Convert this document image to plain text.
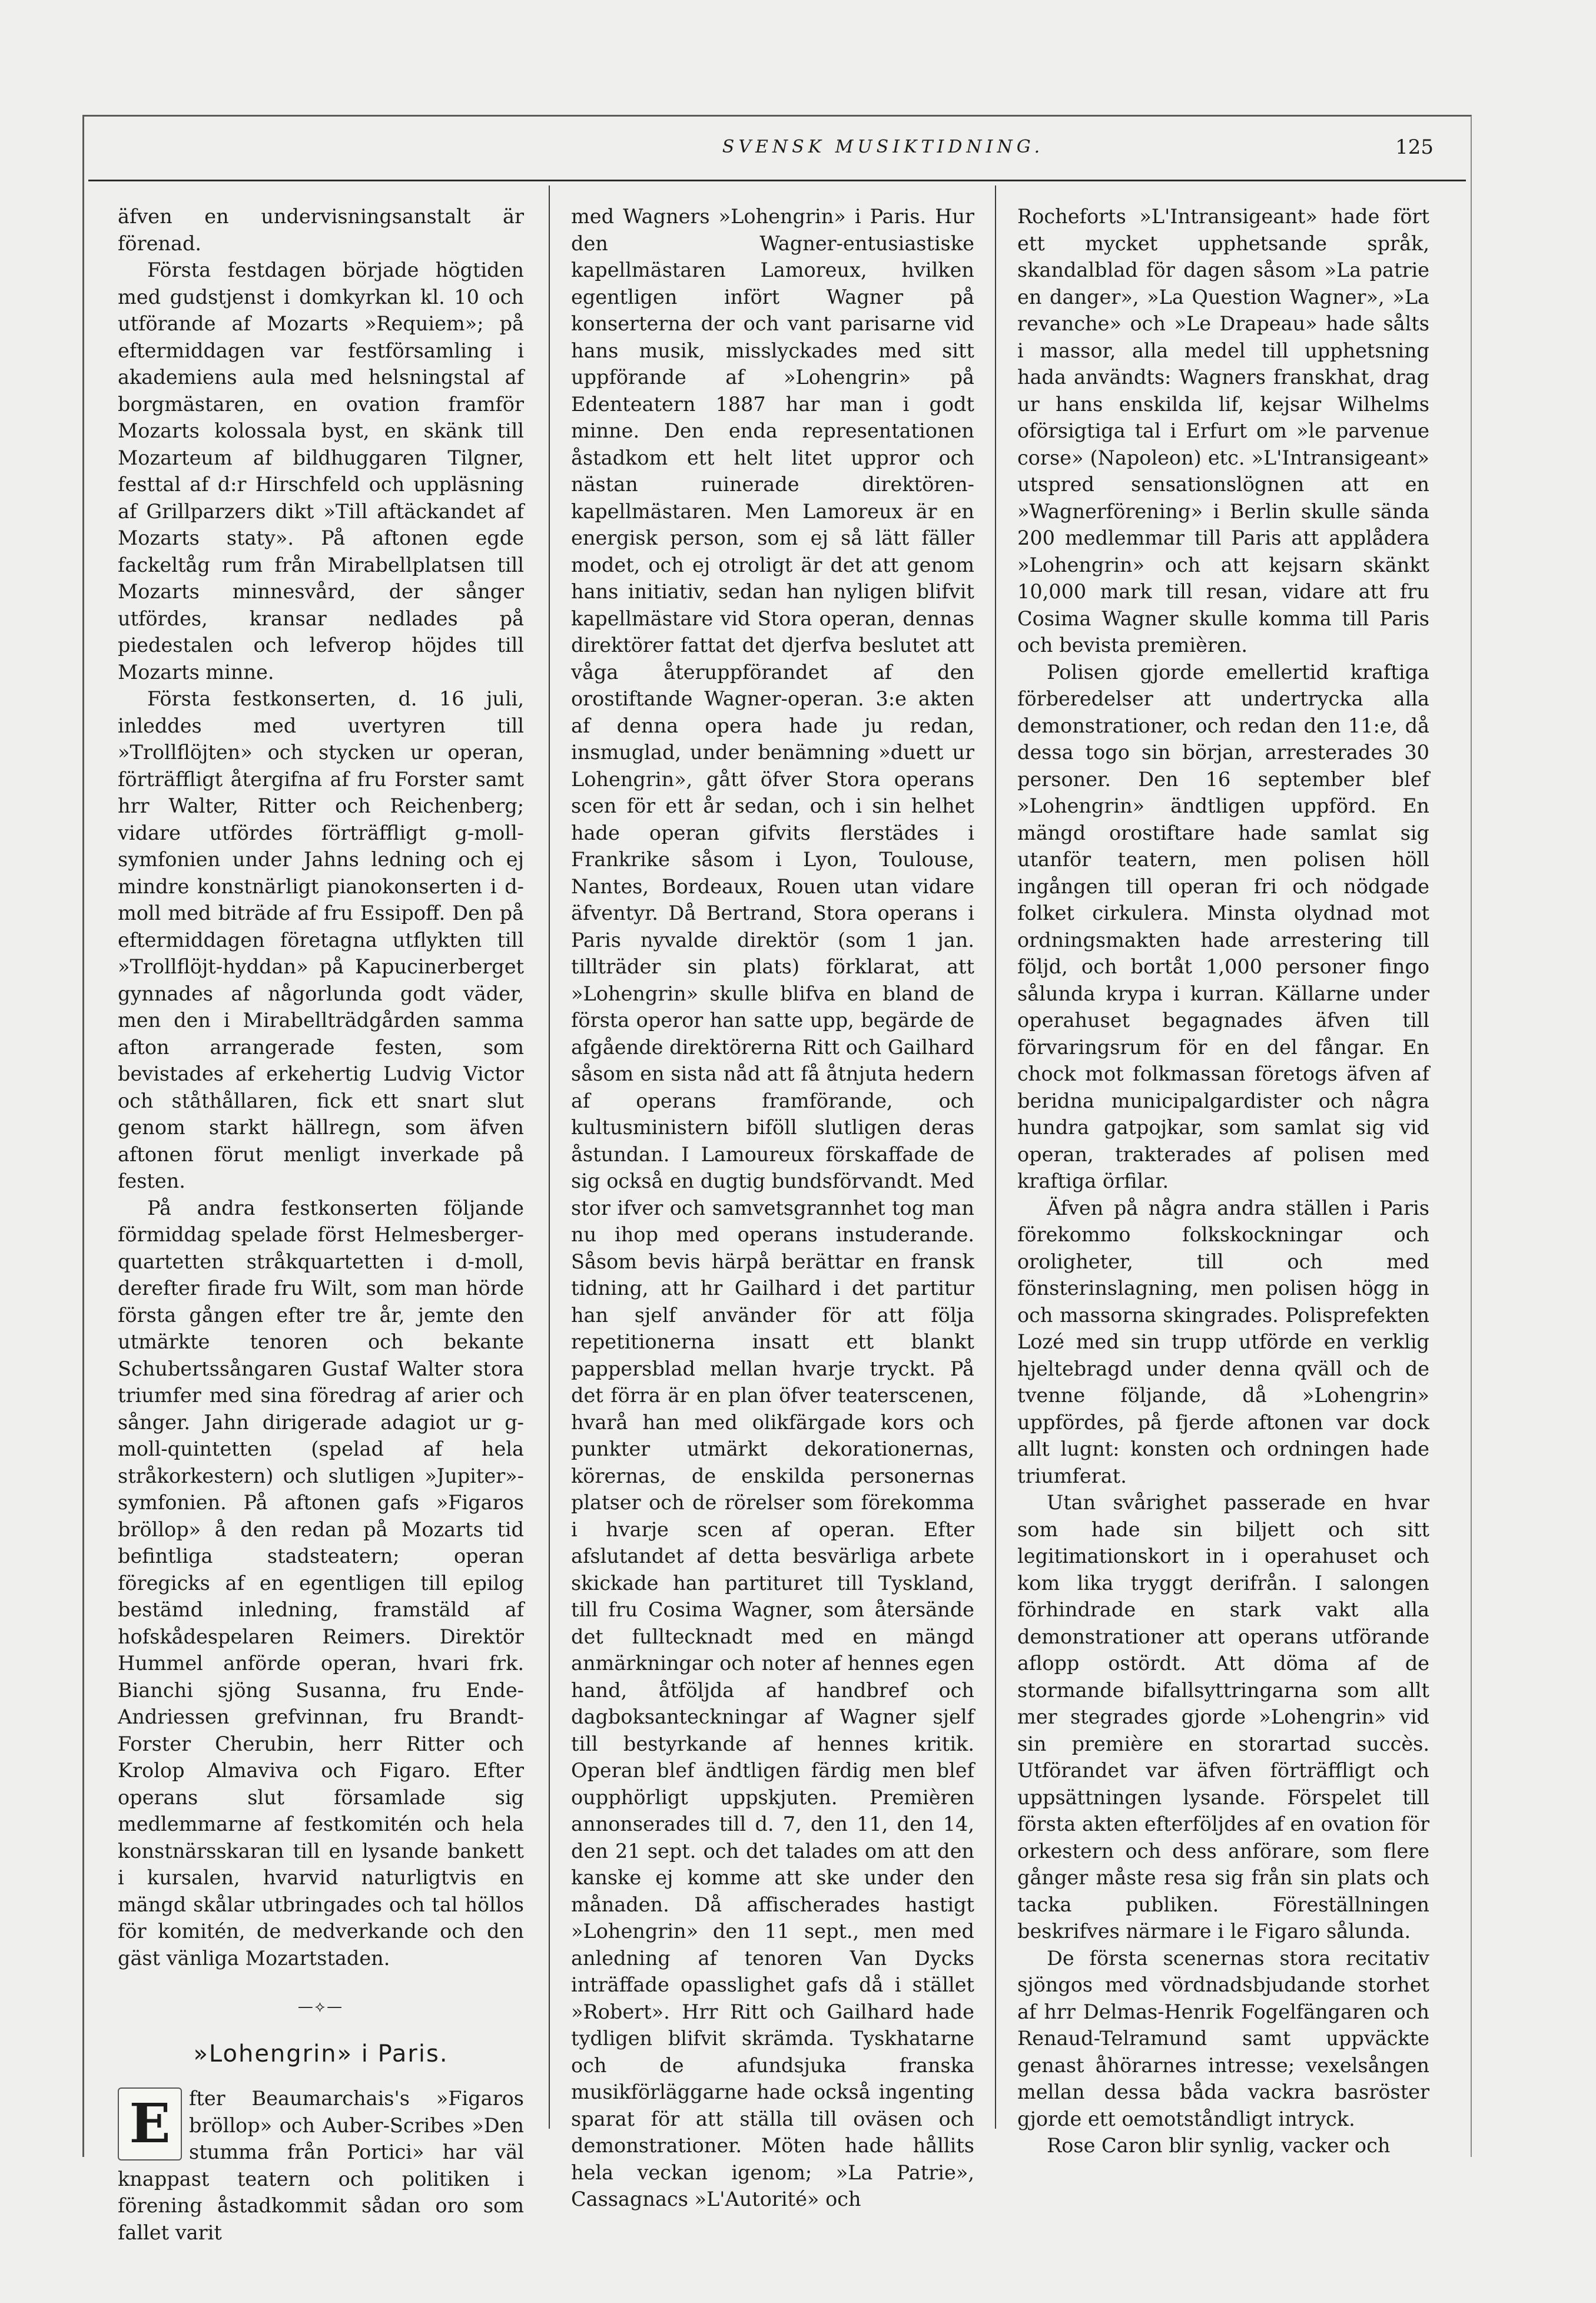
SVENSK MUSIKTIDNING.	125

äfven en undervisningsanstalt är förenad.

Första festdagen började högtiden med gudstjenst i domkyrkan kl. 10 och utförande af Mozarts »Requiem»; på eftermiddagen var festförsamling i akademiens aula med helsningstal af borgmästaren, en ovation framför Mozarts kolossala byst, en skänk till Mozarteum af bildhuggaren Tilgner, festtal af d:r Hirschfeld och uppläsning af Grillparzers dikt »Till aftäckandet af Mozarts staty». På aftonen egde fackeltåg rum från Mirabellplatsen till Mozarts minnesvård, der sånger utfördes, kransar nedlades på piedestalen och lefverop höjdes till Mozarts minne.

Första festkonserten, d. 16 juli, inleddes med uvertyren till »Trollflöjten» och stycken ur operan, förträffligt återgifna af fru Forster samt hrr Walter, Ritter och Reichenberg; vidare utfördes förträffligt g-moll-symfonien under Jahns ledning och ej mindre konstnärligt pianokonserten i d-moll med biträde af fru Essipoff. Den på eftermiddagen företagna utflykten till »Trollflöjt-hyddan» på Kapucinerberget gynnades af någorlunda godt väder, men den i Mirabellträdgården samma afton arrangerade festen, som bevistades af erkehertig Ludvig Victor och ståthållaren, fick ett snart slut genom starkt hällregn, som äfven aftonen förut menligt inverkade på festen.

På andra festkonserten följande förmiddag spelade först Helmesberger-quartetten stråkquartetten i d-moll, derefter firade fru Wilt, som man hörde första gången efter tre år, jemte den utmärkte tenoren och bekante Schubertssångaren Gustaf Walter stora triumfer med sina föredrag af arier och sånger. Jahn dirigerade adagiot ur g-moll-quintetten (spelad af hela stråkorkestern) och slutligen »Jupiter»-symfonien. På aftonen gafs »Figaros bröllop» å den redan på Mozarts tid befintliga stadsteatern; operan föregicks af en egentligen till epilog bestämd inledning, framstäld af hofskådespelaren Reimers. Direktör Hummel anförde operan, hvari frk. Bianchi sjöng Susanna, fru Ende-Andriessen grefvinnan, fru Brandt-Forster Cherubin, herr Ritter och Krolop Almaviva och Figaro. Efter operans slut församlade sig medlemmarne af festkomitén och hela konstnärsskaran till en lysande bankett i kursalen, hvarvid naturligtvis en mängd skålar utbringades och tal höllos för komitén, de medverkande och den gäst vänliga Mozartstaden.

—⟡—
»Lohengrin» i Paris.

E fter Beaumarchais's »Figaros bröllop» och Auber-Scribes »Den stumma från Portici» har väl knappast teatern och politiken i förening åstadkommit sådan oro som fallet varit

med Wagners »Lohengrin» i Paris. Hur den Wagner-entusiastiske kapellmästaren Lamoreux, hvilken egentligen infört Wagner på konserterna der och vant parisarne vid hans musik, misslyckades med sitt uppförande af »Lohengrin» på Edenteatern 1887 har man i godt minne. Den enda representationen åstadkom ett helt litet uppror och nästan ruinerade direktören-kapellmästaren. Men Lamoreux är en energisk person, som ej så lätt fäller modet, och ej otroligt är det att genom hans initiativ, sedan han nyligen blifvit kapellmästare vid Stora operan, dennas direktörer fattat det djerfva beslutet att våga återuppförandet af den orostiftande Wagner-operan. 3:e akten af denna opera hade ju redan, insmuglad, under benämning »duett ur Lohengrin», gått öfver Stora operans scen för ett år sedan, och i sin helhet hade operan gifvits flerstädes i Frankrike såsom i Lyon, Toulouse, Nantes, Bordeaux, Rouen utan vidare äfventyr. Då Bertrand, Stora operans i Paris nyvalde direktör (som 1 jan. tillträder sin plats) förklarat, att »Lohengrin» skulle blifva en bland de första operor han satte upp, begärde de afgående direktörerna Ritt och Gailhard såsom en sista nåd att få åtnjuta hedern af operans framförande, och kultusministern biföll slutligen deras åstundan. I Lamoureux förskaffade de sig också en dugtig bundsförvandt. Med stor ifver och samvetsgrannhet tog man nu ihop med operans instuderande. Såsom bevis härpå berättar en fransk tidning, att hr Gailhard i det partitur han sjelf använder för att följa repetitionerna insatt ett blankt pappersblad mellan hvarje tryckt. På det förra är en plan öfver teaterscenen, hvarå han med olikfärgade kors och punkter utmärkt dekorationernas, körernas, de enskilda personernas platser och de rörelser som förekomma i hvarje scen af operan. Efter afslutandet af detta besvärliga arbete skickade han partituret till Tyskland, till fru Cosima Wagner, som återsände det fulltecknadt med en mängd anmärkningar och noter af hennes egen hand, åtföljda af handbref och dagboksanteckningar af Wagner sjelf till bestyrkande af hennes kritik. Operan blef ändtligen färdig men blef oupphörligt uppskjuten. Premièren annonserades till d. 7, den 11, den 14, den 21 sept. och det talades om att den kanske ej komme att ske under den månaden. Då affischerades hastigt »Lohengrin» den 11 sept., men med anledning af tenoren Van Dycks inträffade opasslighet gafs då i stället »Robert». Hrr Ritt och Gailhard hade tydligen blifvit skrämda. Tyskhatarne och de afundsjuka franska musikförläggarne hade också ingenting sparat för att ställa till oväsen och demonstrationer. Möten hade hållits hela veckan igenom; »La Patrie», Cassagnacs »L'Autorité» och

Rocheforts »L'Intransigeant» hade fört ett mycket upphetsande språk, skandalblad för dagen såsom »La patrie en danger», »La Question Wagner», »La revanche» och »Le Drapeau» hade sålts i massor, alla medel till upphetsning hada användts: Wagners franskhat, drag ur hans enskilda lif, kejsar Wilhelms oförsigtiga tal i Erfurt om »le parvenue corse» (Napoleon) etc. »L'Intransigeant» utspred sensationslögnen att en »Wagnerförening» i Berlin skulle sända 200 medlemmar till Paris att applådera »Lohengrin» och att kejsarn skänkt 10,000 mark till resan, vidare att fru Cosima Wagner skulle komma till Paris och bevista premièren.

Polisen gjorde emellertid kraftiga förberedelser att undertrycka alla demonstrationer, och redan den 11:e, då dessa togo sin början, arresterades 30 personer. Den 16 september blef »Lohengrin» ändtligen uppförd. En mängd orostiftare hade samlat sig utanför teatern, men polisen höll ingången till operan fri och nödgade folket cirkulera. Minsta olydnad mot ordningsmakten hade arrestering till följd, och bortåt 1,000 personer fingo sålunda krypa i kurran. Källarne under operahuset begagnades äfven till förvaringsrum för en del fångar. En chock mot folkmassan företogs äfven af beridna municipalgardister och några hundra gatpojkar, som samlat sig vid operan, trakterades af polisen med kraftiga örfilar.

Äfven på några andra ställen i Paris förekommo folkskockningar och oroligheter, till och med fönsterinslagning, men polisen högg in och massorna skingrades. Polisprefekten Lozé med sin trupp utförde en verklig hjeltebragd under denna qväll och de tvenne följande, då »Lohengrin» uppfördes, på fjerde aftonen var dock allt lugnt: konsten och ordningen hade triumferat.

Utan svårighet passerade en hvar som hade sin biljett och sitt legitimationskort in i operahuset och kom lika tryggt derifrån. I salongen förhindrade en stark vakt alla demonstrationer att operans utförande aflopp ostördt. Att döma af de stormande bifallsyttringarna som allt mer stegrades gjorde »Lohengrin» vid sin première en storartad succès. Utförandet var äfven förträffligt och uppsättningen lysande. Förspelet till första akten efterföljdes af en ovation för orkestern och dess anförare, som flere gånger måste resa sig från sin plats och tacka publiken. Föreställningen beskrifves närmare i le Figaro sålunda.

De första scenernas stora recitativ sjöngos med vördnadsbjudande storhet af hrr Delmas-Henrik Fogelfängaren och Renaud-Telramund samt uppväckte genast åhörarnes intresse; vexelsången mellan dessa båda vackra basröster gjorde ett oemotståndligt intryck.

Rose Caron blir synlig, vacker och
